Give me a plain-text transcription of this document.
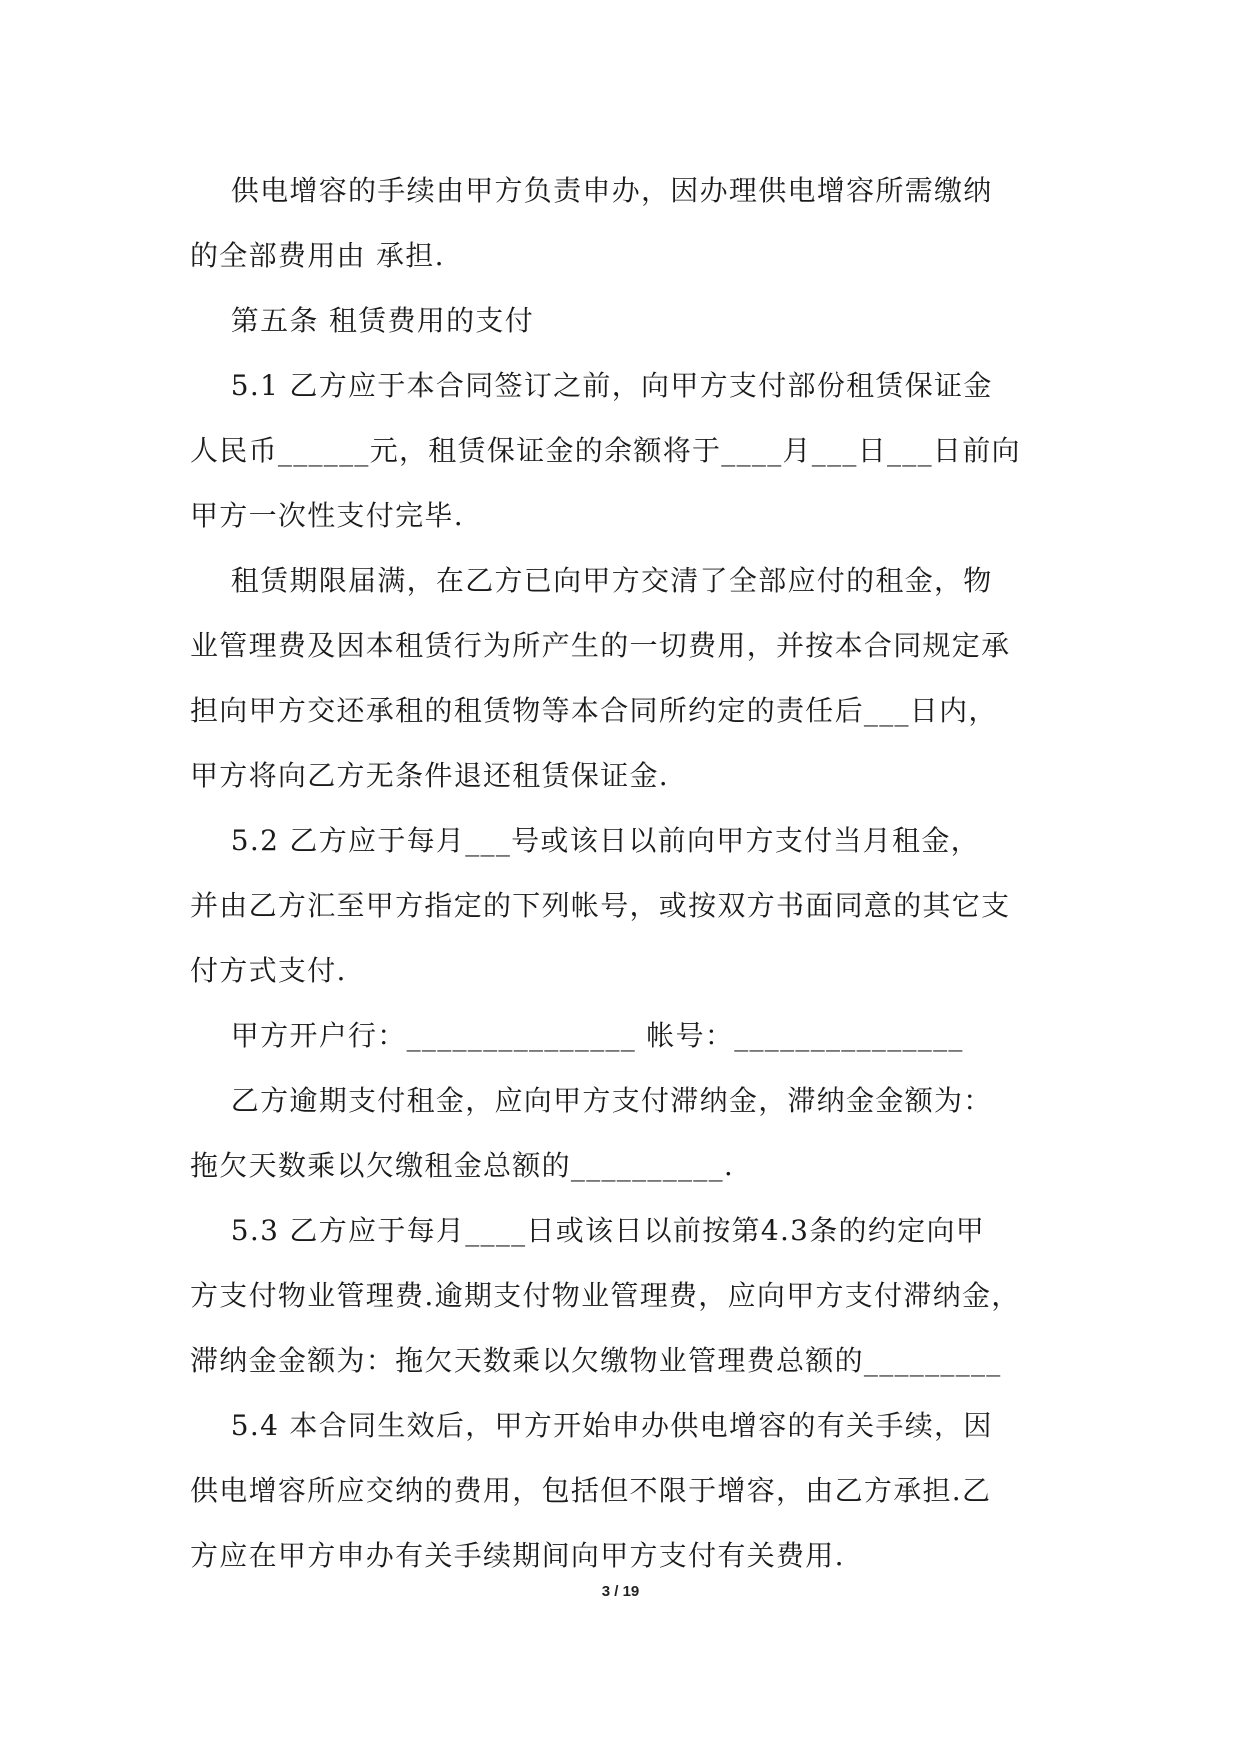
供电增容的手续由甲方负责申办，因办理供电增容所需缴纳
的全部费用由 承担.
第五条 租赁费用的支付
5.1 乙方应于本合同签订之前，向甲方支付部份租赁保证金
人民币______元，租赁保证金的余额将于____月___日___日前向
甲方一次性支付完毕.
租赁期限届满，在乙方已向甲方交清了全部应付的租金，物
业管理费及因本租赁行为所产生的一切费用，并按本合同规定承
担向甲方交还承租的租赁物等本合同所约定的责任后___日内，
甲方将向乙方无条件退还租赁保证金.
5.2 乙方应于每月___号或该日以前向甲方支付当月租金，
并由乙方汇至甲方指定的下列帐号，或按双方书面同意的其它支
付方式支付.
甲方开户行：_______________ 帐号：_______________
乙方逾期支付租金，应向甲方支付滞纳金，滞纳金金额为：
拖欠天数乘以欠缴租金总额的__________.
5.3 乙方应于每月____日或该日以前按第4.3条的约定向甲
方支付物业管理费.逾期支付物业管理费，应向甲方支付滞纳金，
滞纳金金额为：拖欠天数乘以欠缴物业管理费总额的_________
5.4 本合同生效后，甲方开始申办供电增容的有关手续，因
供电增容所应交纳的费用，包括但不限于增容，由乙方承担.乙
方应在甲方申办有关手续期间向甲方支付有关费用.
3 / 19
